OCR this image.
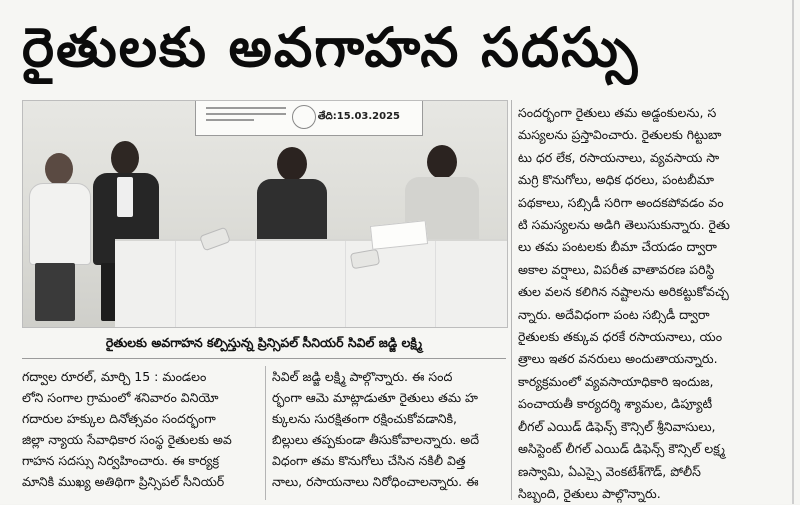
రైతులకు అవగాహన సదస్సు
తేది:15.03.2025
రైతులకు అవగాహన కల్పిస్తున్న ప్రిన్సిపల్ సీనియర్ సివిల్ జడ్జి లక్ష్మి
గద్వాల రూరల్, మార్చి 15 : మండలం
లోని సంగాల గ్రామంలో శనివారం వినియో
గదారుల హక్కుల దినోత్సవం సందర్భంగా
జిల్లా న్యాయ సేవాధికార సంస్థ రైతులకు అవ
గాహన సదస్సు నిర్వహించారు. ఈ కార్యక్ర
మానికి ముఖ్య అతిథిగా ప్రిన్సిపల్ సీనియర్
సివిల్ జడ్జి లక్ష్మి పాల్గొన్నారు. ఈ సంద
ర్భంగా ఆమె మాట్లాడుతూ రైతులు తమ హ
క్కులను సురక్షితంగా రక్షించుకోవడానికి,
బిల్లులు తప్పకుండా తీసుకోవాలన్నారు. అదే
విధంగా తమ కొనుగోలు చేసిన నకిలీ విత్త
నాలు, రసాయనాలు నిరోధించాలన్నారు. ఈ
సందర్భంగా రైతులు తమ అడ్డంకులను, స
మస్యలను ప్రస్తావించారు. రైతులకు గిట్టుబా
టు ధర లేక, రసాయనాలు, వ్యవసాయ సా
మగ్రి కొనుగోలు, అధిక ధరలు, పంటబీమా
పథకాలు, సబ్సిడీ సరిగా అందకపోవడం వం
టి సమస్యలను అడిగి తెలుసుకున్నారు. రైతు
లు తమ పంటలకు బీమా చేయడం ద్వారా
అకాల వర్షాలు, విపరీత వాతావరణ పరిస్థి
తుల వలన కలిగిన నష్టాలను అరికట్టుకోవచ్చ
న్నారు. అదేవిధంగా పంట సబ్సిడీ ద్వారా
రైతులకు తక్కువ ధరకే రసాయనాలు, యం
త్రాలు ఇతర వనరులు అందుతాయన్నారు.
కార్యక్రమంలో వ్యవసాయాధికారి ఇందుజ,
పంచాయతీ కార్యదర్శి శ్యామల, డిప్యూటీ
లీగల్ ఎయిడ్ డిఫెన్స్ కౌన్సిల్ శ్రీనివాసులు,
అసిస్టెంట్ లీగల్ ఎయిడ్ డిఫెన్స్ కౌన్సిల్ లక్ష్మ
ణస్వామి, ఏఎస్సై వెంకటేశ్‌గౌడ్, పోలీస్
సిబ్బంది, రైతులు పాల్గొన్నారు.
